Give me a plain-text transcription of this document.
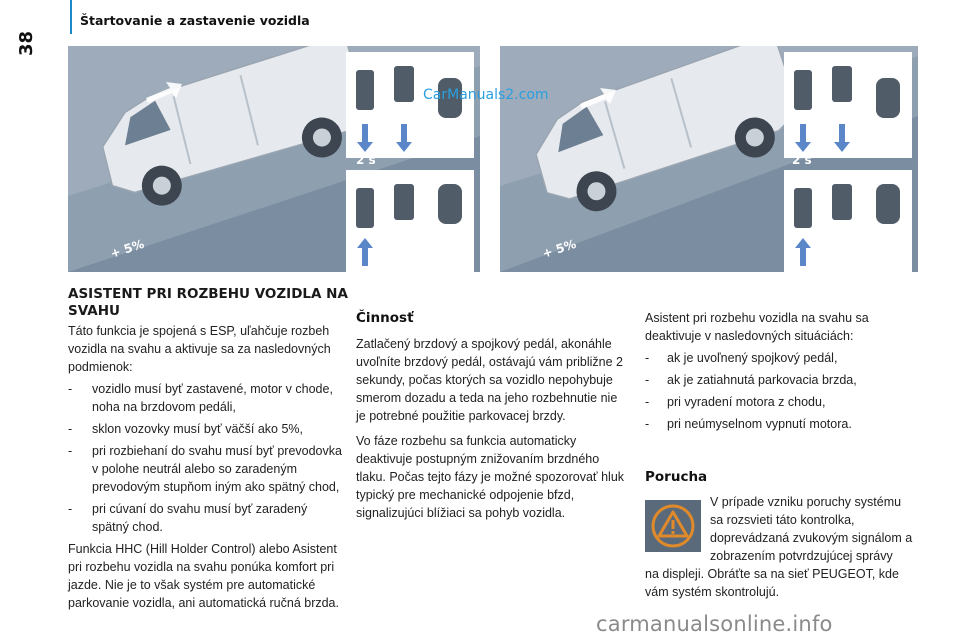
Štartovanie a zastavenie vozidla
38
2 s
+ 5%
2 s
+ 5%
CarManuals2.com
ASISTENT PRI ROZBEHU VOZIDLA NA SVAHU

Táto funkcia je spojená s ESP, uľahčuje rozbeh vozidla na svahu a aktivuje sa za nasledovných podmienok:

- vozidlo musí byť zastavené, motor v chode, noha na brzdovom pedáli,
- sklon vozovky musí byť väčší ako 5%,
- pri rozbiehaní do svahu musí byť prevodovka v polohe neutrál alebo so zaradeným prevodovým stupňom iným ako spätný chod,
- pri cúvaní do svahu musí byť zaradený spätný chod.

Funkcia HHC (Hill Holder Control) alebo Asistent pri rozbehu vozidla na svahu ponúka komfort pri jazde. Nie je to však systém pre automatické parkovanie vozidla, ani automatická ručná brzda.

Činnosť

Zatlačený brzdový a spojkový pedál, akonáhle uvoľníte brzdový pedál, ostávajú vám približne 2 sekundy, počas ktorých sa vozidlo nepohybuje smerom dozadu a teda na jeho rozbehnutie nie je potrebné použitie parkovacej brzdy.

Vo fáze rozbehu sa funkcia automaticky deaktivuje postupným znižovaním brzdného tlaku. Počas tejto fázy je možné spozorovať hluk typický pre mechanické odpojenie bfzd, signalizujúci blížiaci sa pohyb vozidla.

Asistent pri rozbehu vozidla na svahu sa deaktivuje v nasledovných situáciách:

- ak je uvoľnený spojkový pedál,
- ak je zatiahnutá parkovacia brzda,
- pri vyradení motora z chodu,
- pri neúmyselnom vypnutí motora.
Porucha
V prípade vzniku poruchy systému sa rozsvieti táto kontrolka, doprevádzaná zvukovým signálom a zobrazením potvrdzujúcej správy
na displeji. Obráťte sa na sieť PEUGEOT, kde vám systém skontrolujú.
carmanualsonline.info
